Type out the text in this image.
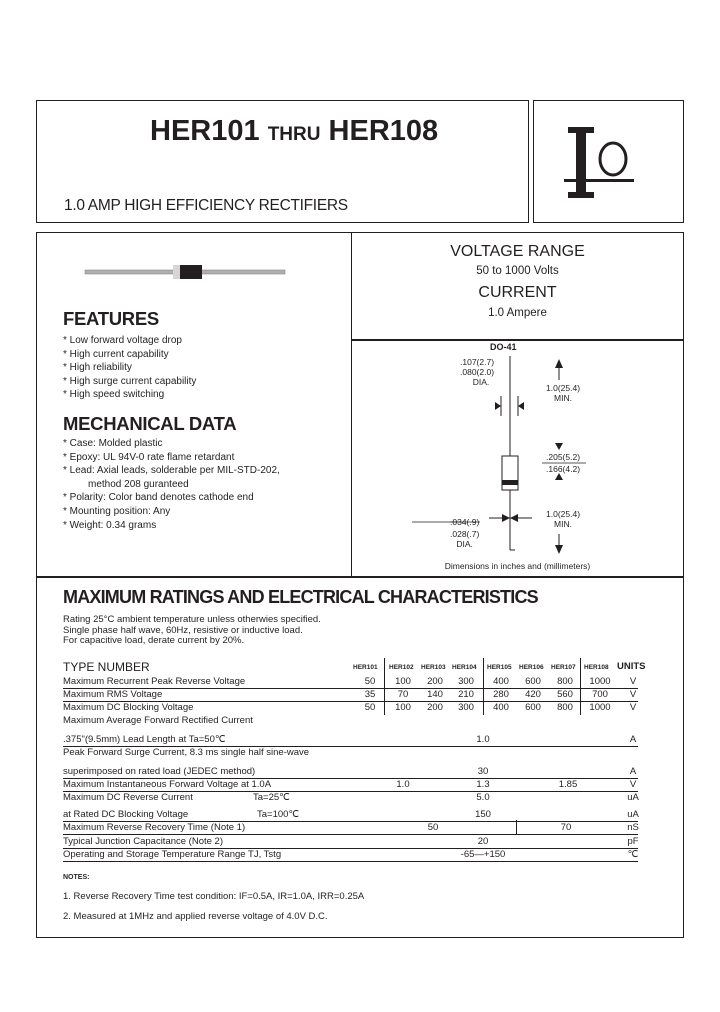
HER101 THRU HER108
1.0 AMP HIGH EFFICIENCY RECTIFIERS
FEATURES
* Low forward voltage drop
* High current capability
* High reliability
* High surge current capability
* High speed switching
MECHANICAL DATA
* Case: Molded plastic
* Epoxy: UL 94V-0 rate flame retardant
* Lead: Axial leads, solderable per MIL-STD-202,
method 208 guranteed
* Polarity: Color band denotes cathode end
* Mounting position: Any
* Weight: 0.34 grams
VOLTAGE RANGE
50 to 1000 Volts
CURRENT
1.0 Ampere
DO-41
.107(2.7)
.080(2.0)
DIA.
1.0(25.4)
MIN.
.205(5.2)
.166(4.2)
.034(.9)
.028(.7)
DIA.
1.0(25.4)
MIN.
Dimensions in inches and (millimeters)
MAXIMUM RATINGS AND ELECTRICAL CHARACTERISTICS
Rating 25°C ambient temperature unless otherwies specified.
Single phase half wave, 60Hz, resistive or inductive load.
For capacitive load, derate current by 20%.
TYPE NUMBER	HER101 HER102 HER103 HER104 HER105 HER106 HER107 HER108 UNITS
Maximum Recurrent Peak Reverse Voltage	50	100	200	300	400	600	800	1000	V
Maximum RMS Voltage	35	70	140	210	280	420	560	700	V
Maximum DC Blocking Voltage	50	100	200	300	400	600	800	1000	V
Maximum Average Forward Rectified Current
.375"(9.5mm) Lead Length at Ta=50℃	1.0	A
Peak Forward Surge Current, 8.3 ms single half sine-wave
superimposed on rated load (JEDEC method)	30	A
Maximum Instantaneous Forward Voltage at 1.0A	1.0	1.3	1.85	V
Maximum DC Reverse Current	Ta=25℃	5.0	uA
at Rated DC Blocking Voltage	Ta=100℃	150	uA
Maximum Reverse Recovery Time (Note 1)	50	70	nS
Typical Junction Capacitance (Note 2)	20	pF
Operating and Storage Temperature Range TJ, Tstg	-65—+150	℃
NOTES:
1. Reverse Recovery Time test condition: IF=0.5A, IR=1.0A, IRR=0.25A
2. Measured at 1MHz and applied reverse voltage of 4.0V D.C.
